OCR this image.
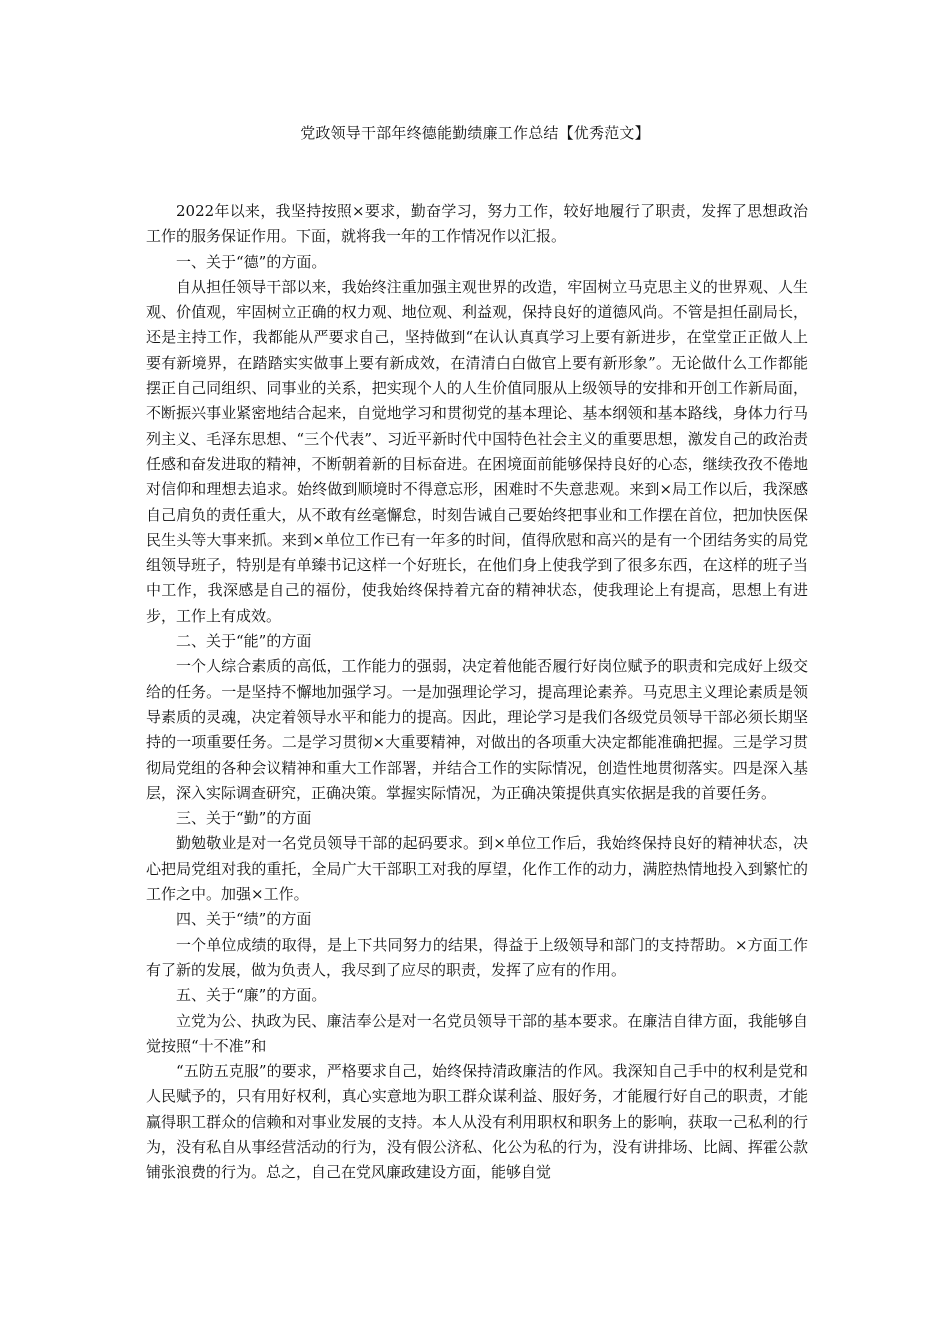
党政领导干部年终德能勤绩廉工作总结【优秀范文】

2022年以来，我坚持按照×要求，勤奋学习，努力工作，较好地履行了职责，发挥了思想政治工作的服务保证作用。下面，就将我一年的工作情况作以汇报。

一、关于“德”的方面。

自从担任领导干部以来，我始终注重加强主观世界的改造，牢固树立马克思主义的世界观、人生观、价值观，牢固树立正确的权力观、地位观、利益观，保持良好的道德风尚。不管是担任副局长，还是主持工作，我都能从严要求自己，坚持做到“在认认真真学习上要有新进步，在堂堂正正做人上要有新境界，在踏踏实实做事上要有新成效，在清清白白做官上要有新形象”。无论做什么工作都能摆正自己同组织、同事业的关系，把实现个人的人生价值同服从上级领导的安排和开创工作新局面，不断振兴事业紧密地结合起来，自觉地学习和贯彻党的基本理论、基本纲领和基本路线，身体力行马列主义、毛泽东思想、“三个代表”、习近平新时代中国特色社会主义的重要思想，激发自己的政治责任感和奋发进取的精神，不断朝着新的目标奋进。在困境面前能够保持良好的心态，继续孜孜不倦地对信仰和理想去追求。始终做到顺境时不得意忘形，困难时不失意悲观。来到×局工作以后，我深感自己肩负的责任重大，从不敢有丝毫懈怠，时刻告诫自己要始终把事业和工作摆在首位，把加快医保民生头等大事来抓。来到×单位工作已有一年多的时间，值得欣慰和高兴的是有一个团结务实的局党组领导班子，特别是有单臻书记这样一个好班长，在他们身上使我学到了很多东西，在这样的班子当中工作，我深感是自己的福份，使我始终保持着亢奋的精神状态，使我理论上有提高，思想上有进步，工作上有成效。

二、关于“能”的方面

一个人综合素质的高低，工作能力的强弱，决定着他能否履行好岗位赋予的职责和完成好上级交给的任务。一是坚持不懈地加强学习。一是加强理论学习，提高理论素养。马克思主义理论素质是领导素质的灵魂，决定着领导水平和能力的提高。因此，理论学习是我们各级党员领导干部必须长期坚持的一项重要任务。二是学习贯彻×大重要精神，对做出的各项重大决定都能准确把握。三是学习贯彻局党组的各种会议精神和重大工作部署，并结合工作的实际情况，创造性地贯彻落实。四是深入基层，深入实际调查研究，正确决策。掌握实际情况，为正确决策提供真实依据是我的首要任务。

三、关于“勤”的方面

勤勉敬业是对一名党员领导干部的起码要求。到×单位工作后，我始终保持良好的精神状态，决心把局党组对我的重托，全局广大干部职工对我的厚望，化作工作的动力，满腔热情地投入到繁忙的工作之中。加强×工作。

四、关于“绩”的方面

一个单位成绩的取得，是上下共同努力的结果，得益于上级领导和部门的支持帮助。×方面工作有了新的发展，做为负责人，我尽到了应尽的职责，发挥了应有的作用。

五、关于“廉”的方面。

立党为公、执政为民、廉洁奉公是对一名党员领导干部的基本要求。在廉洁自律方面，我能够自觉按照“十不准”和

“五防五克服”的要求，严格要求自己，始终保持清政廉洁的作风。我深知自己手中的权利是党和人民赋予的，只有用好权利，真心实意地为职工群众谋利益、服好务，才能履行好自己的职责，才能赢得职工群众的信赖和对事业发展的支持。本人从没有利用职权和职务上的影响，获取一己私利的行为，没有私自从事经营活动的行为，没有假公济私、化公为私的行为，没有讲排场、比阔、挥霍公款铺张浪费的行为。总之，自己在党风廉政建设方面，能够自觉
